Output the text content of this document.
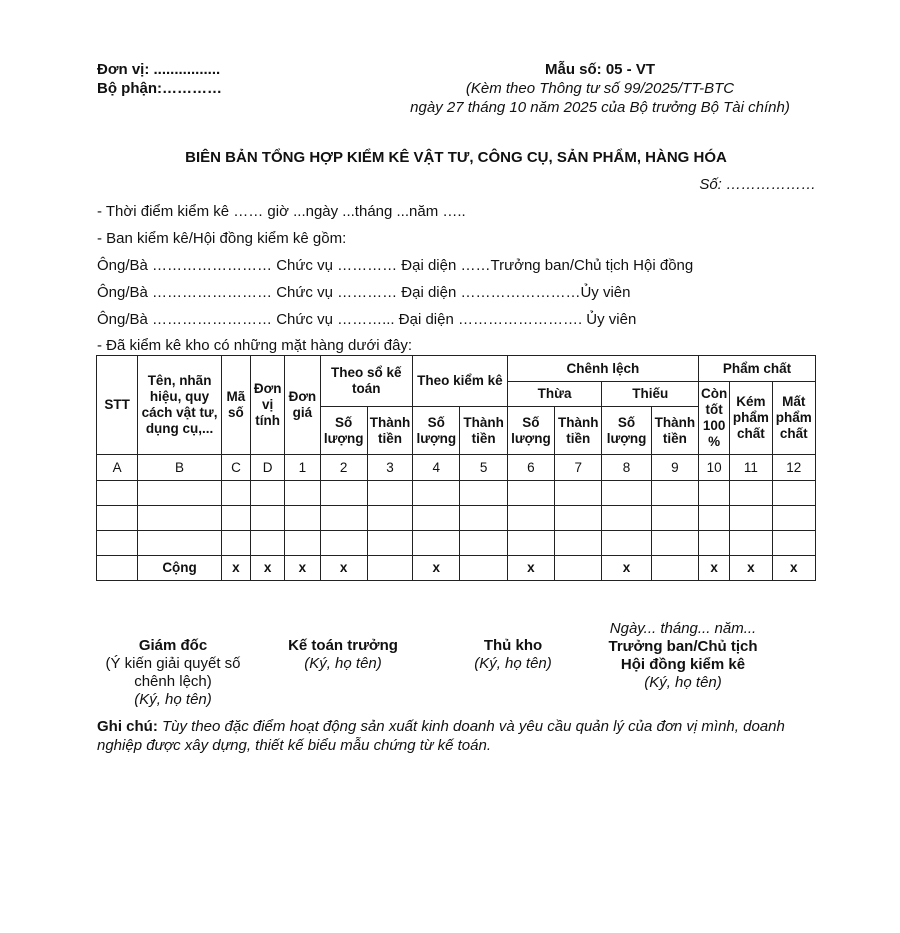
Đơn vị: ................
Bộ phận:…………
Mẫu số: 05 - VT
(Kèm theo Thông tư số 99/2025/TT-BTC
ngày 27 tháng 10 năm 2025 của Bộ trưởng Bộ Tài chính)
BIÊN BẢN TỔNG HỢP KIỂM KÊ VẬT TƯ, CÔNG CỤ, SẢN PHẨM, HÀNG HÓA
Số: ………………
- Thời điểm kiểm kê …… giờ ...ngày ...tháng ...năm …..
- Ban kiểm kê/Hội đồng kiểm kê gồm:
Ông/Bà …………………… Chức vụ ………… Đại diện ……Trưởng ban/Chủ tịch Hội đồng
Ông/Bà …………………… Chức vụ ………… Đại diện ……………………Ủy viên
Ông/Bà …………………… Chức vụ ………... Đại diện ……………………. Ủy viên
- Đã kiểm kê kho có những mặt hàng dưới đây:
STT	Tên, nhãn hiệu, quy cách vật tư, dụng cụ,...	Mã số	Đơn vị tính	Đơn giá	Theo sổ kế toán		Theo kiểm kê		Chênh lệch				Phẩm chất		
									Thừa		Thiếu		Còn tốt 100 %	Kém phẩm chất	Mất phẩm chất
					Số lượng	Thành tiền	Số lượng	Thành tiền	Số lượng	Thành tiền	Số lượng	Thành tiền			
A	B	C	D	1	2	3	4	5	6	7	8	9	10	11	12

	Cộng	x	x	x	x		x		x		x		x	x	x
Giám đốc
(Ý kiến giải quyết số chênh lệch)
(Ký, họ tên)
Kế toán trưởng
(Ký, họ tên)
Thủ kho
(Ký, họ tên)
Ngày... tháng... năm...
Trưởng ban/Chủ tịch
Hội đồng kiểm kê
(Ký, họ tên)
Ghi chú: Tùy theo đặc điểm hoạt động sản xuất kinh doanh và yêu cầu quản lý của đơn vị mình, doanh nghiệp được xây dựng, thiết kế biểu mẫu chứng từ kế toán.
